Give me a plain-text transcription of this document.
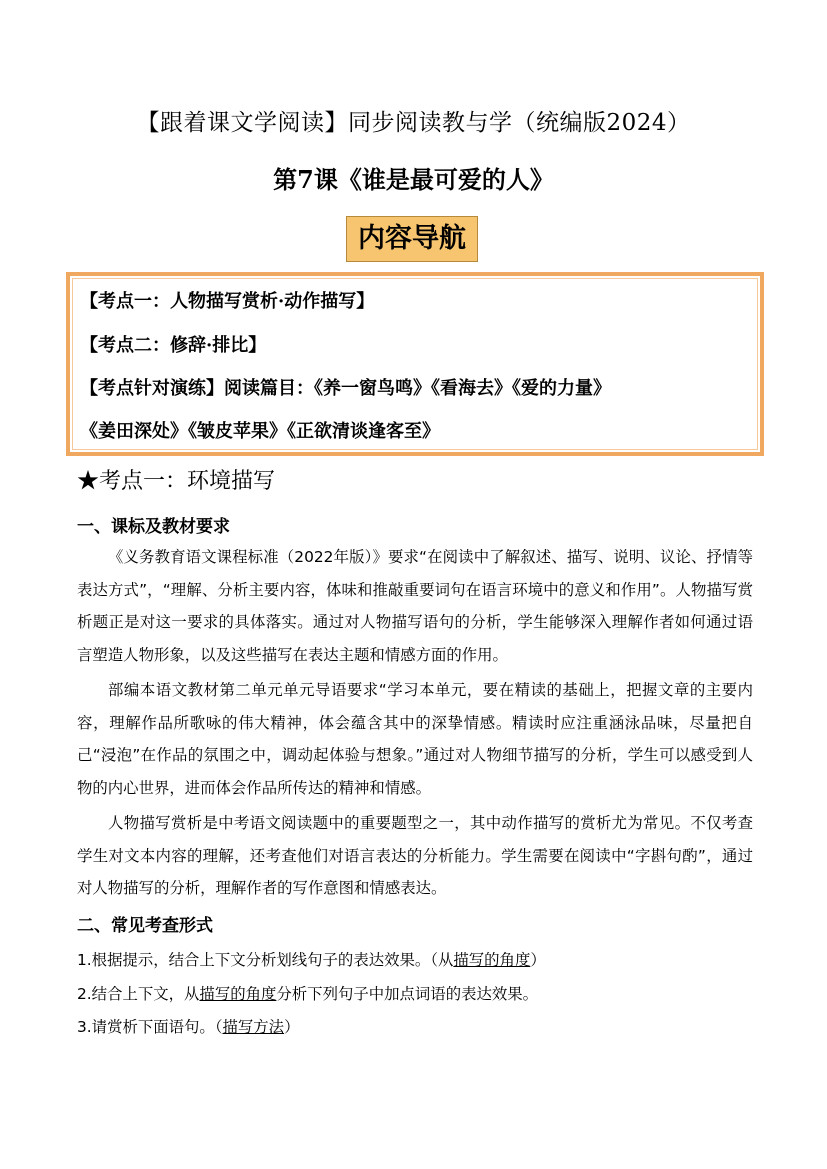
【跟着课文学阅读】同步阅读教与学（统编版2024）
第7课《谁是最可爱的人》
内容导航
【考点一：人物描写赏析·动作描写】
【考点二：修辞·排比】
【考点针对演练】阅读篇目：《养一窗鸟鸣》《看海去》《爱的力量》
《姜田深处》《皱皮苹果》《正欲清谈逢客至》
★考点一：环境描写
一、课标及教材要求
《义务教育语文课程标准（2022年版）》要求“在阅读中了解叙述、描写、说明、议论、抒情等表达方式”，“理解、分析主要内容，体味和推敲重要词句在语言环境中的意义和作用”。人物描写赏析题正是对这一要求的具体落实。通过对人物描写语句的分析，学生能够深入理解作者如何通过语言塑造人物形象，以及这些描写在表达主题和情感方面的作用。
部编本语文教材第二单元单元导语要求“学习本单元，要在精读的基础上，把握文章的主要内容，理解作品所歌咏的伟大精神，体会蕴含其中的深挚情感。精读时应注重涵泳品味，尽量把自己“浸泡”在作品的氛围之中，调动起体验与想象。”通过对人物细节描写的分析，学生可以感受到人物的内心世界，进而体会作品所传达的精神和情感。
人物描写赏析是中考语文阅读题中的重要题型之一，其中动作描写的赏析尤为常见。不仅考查学生对文本内容的理解，还考查他们对语言表达的分析能力。学生需要在阅读中“字斟句酌”，通过对人物描写的分析，理解作者的写作意图和情感表达。
二、常见考查形式
1.根据提示，结合上下文分析划线句子的表达效果。（从描写的角度）
2.结合上下文，从描写的角度分析下列句子中加点词语的表达效果。
3.请赏析下面语句。（描写方法）
